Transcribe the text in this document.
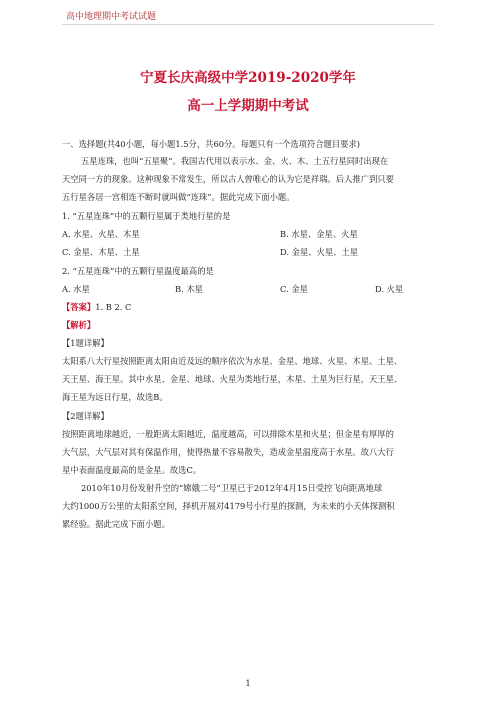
高中地理期中考试试题
宁夏长庆高级中学2019-2020学年
高一上学期期中考试
一、选择题(共40小题，每小题1.5分，共60分。每题只有一个选项符合题目要求)
五星连珠，也叫“五星聚”。我国古代用以表示水、金、火、木、土五行星同时出现在
天空同一方的现象。这种现象不常发生，所以古人曾唯心的认为它是祥瑞。后人推广到只要
五行星各居一宫相连不断时就叫做“连珠”。据此完成下面小题。
1. “五星连珠”中的五颗行星属于类地行星的是
A. 水星、火星、木星	B. 水星、金星、火星
C. 金星、木星、土星	D. 金星、火星、土星
2. “五星连珠”中的五颗行星温度最高的是
A. 水星	B. 木星	C. 金星	D. 火星
【答案】1. B 2. C
【解析】
【1题详解】
太阳系八大行星按照距离太阳由近及远的顺序依次为水星、金星、地球、火星、木星、土星、
天王星、海王星。其中水星、金星、地球、火星为类地行星，木星、土星为巨行星，天王星、
海王星为远日行星，故选B。
【2题详解】
按照距离地球越近，一般距离太阳越近，温度越高，可以排除木星和火星；但金星有厚厚的
大气层，大气层对其有保温作用，使得热量不容易散失，造成金星温度高于水星。故八大行
星中表面温度最高的是金星。故选C。
2010年10月份发射升空的“嫦娥二号”卫星已于2012年4月15日受控飞向距离地球
大约1000万公里的太阳系空间，择机开展对4179号小行星的探测，为未来的小天体探测积
累经验。据此完成下面小题。
1
